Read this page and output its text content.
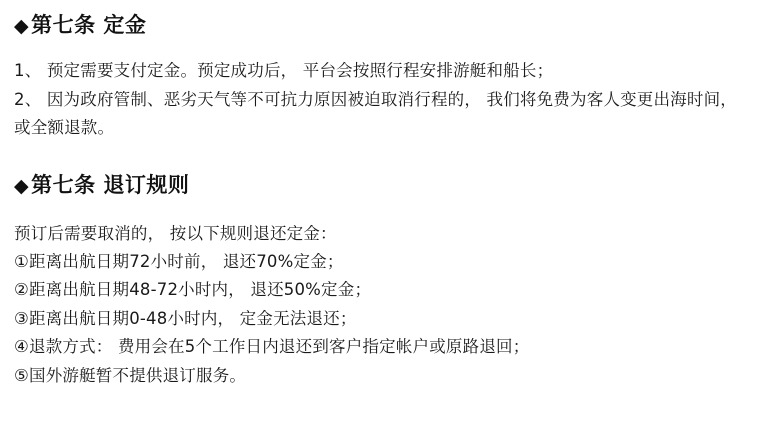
◆ 第七条 定金

1、 预定需要支付定金。预定成功后， 平台会按照行程安排游艇和船长；

2、 因为政府管制、恶劣天气等不可抗力原因被迫取消行程的， 我们将免费为客人变更出海时间， 或全额退款。

◆ 第七条 退订规则

预订后需要取消的， 按以下规则退还定金：

①距离出航日期72小时前， 退还70%定金；

②距离出航日期48-72小时内， 退还50%定金；

③距离出航日期0-48小时内， 定金无法退还；

④退款方式： 费用会在5个工作日内退还到客户指定帐户或原路退回；

⑤国外游艇暂不提供退订服务。
